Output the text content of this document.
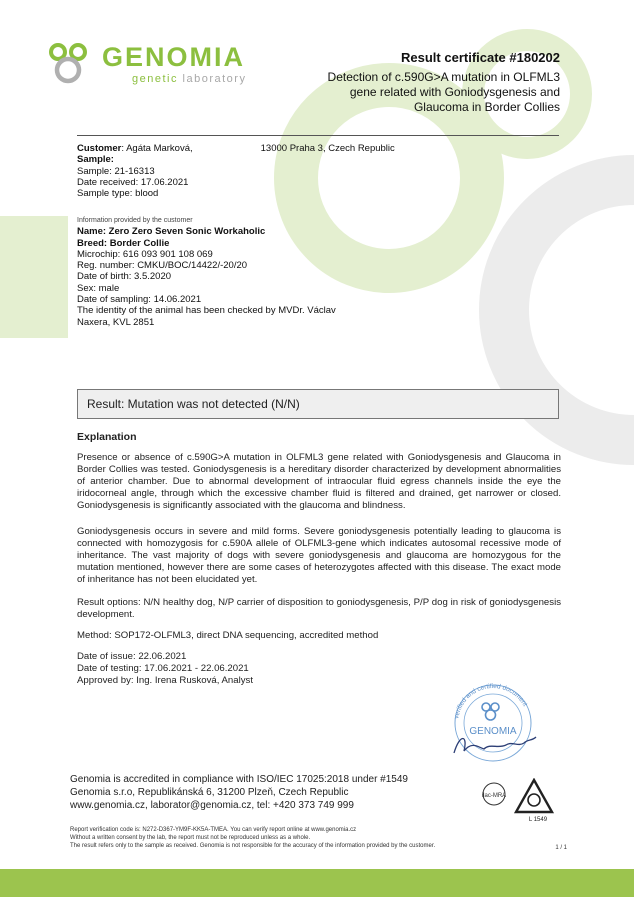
GENOMIA
genetic laboratory
Result certificate #180202
Detection of c.590G>A mutation in OLFML3
gene related with Goniodysgenesis and
Glaucoma in Border Collies
Customer: Agáta Marková,	13000 Praha 3, Czech Republic
Sample:
Sample: 21-16313
Date received: 17.06.2021
Sample type: blood
Information provided by the customer
Name: Zero Zero Seven Sonic Workaholic
Breed: Border Collie
Microchip: 616 093 901 108 069
Reg. number: CMKU/BOC/14422/-20/20
Date of birth: 3.5.2020
Sex: male
Date of sampling: 14.06.2021
The identity of the animal has been checked by MVDr. Václav
Naxera, KVL 2851
Result: Mutation was not detected (N/N)
Explanation
Presence or absence of c.590G>A mutation in OLFML3 gene related with Goniodysgenesis and Glaucoma in Border Collies was tested. Goniodysgenesis is a hereditary disorder characterized by development abnormalities of anterior chamber. Due to abnormal development of intraocular fluid egress channels inside the eye the iridocorneal angle, through which the excessive chamber fluid is filtered and drained, get narrower or closed. Goniodysgenesis is significantly associated with the glaucoma and blindness.
Goniodysgenesis occurs in severe and mild forms. Severe goniodysgenesis potentially leading to glaucoma is connected with homozygosis for c.590A allele of OLFML3-gene which indicates autosomal recessive mode of inheritance. The vast majority of dogs with severe goniodysgenesis and glaucoma are homozygous for the mutation mentioned, however there are some cases of heterozygotes affected with this disease. The exact mode of inheritance has not been elucidated yet.
Result options: N/N healthy dog, N/P carrier of disposition to goniodysgenesis, P/P dog in risk of goniodysgenesis development.
Method: SOP172-OLFML3, direct DNA sequencing, accredited method
Date of issue: 22.06.2021
Date of testing: 17.06.2021 - 22.06.2021
Approved by: Ing. Irena Rusková, Analyst
verified and certified document
GENOMIA
Genomia is accredited in compliance with ISO/IEC 17025:2018 under #1549
Genomia s.r.o, Republikánská 6, 31200 Plzeň, Czech Republic
www.genomia.cz, laborator@genomia.cz, tel: +420 373 749 999
ilac-MRA
L 1549
Report verification code is: N272-D367-YM9F-KK5A-TMEA. You can verify report online at www.genomia.cz
Without a written consent by the lab, the report must not be reproduced unless as a whole.
The result refers only to the sample as received. Genomia is not responsible for the accuracy of the information provided by the customer.	1 / 1
